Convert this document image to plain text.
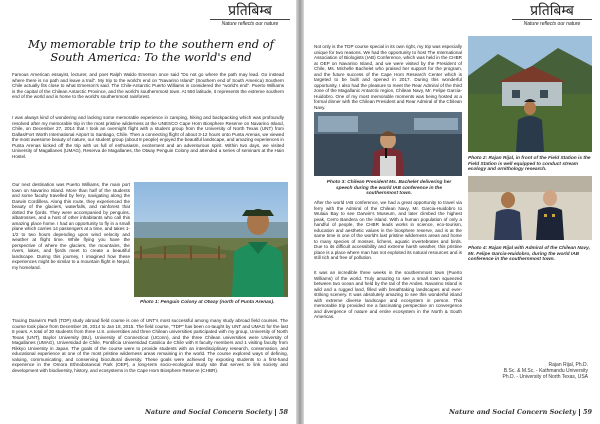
प्रतिबिम्ब
Nature reflects our nature
My memorable trip to the southern end of South America: To the world's end

Famous American essayist, lecturer, and poet Ralph Waldo Emerson once said "Do not go where the path may lead. Go instead where there is no path and leave a trail". My trip to the world's end on "Navarino Island" (Southern end of South America) Southern Chile actually fits close to what Emerson's said. The Chile-Antarctic Puerto Williams is considered the "world's end". Puerto Williams is the capital of the Chilean Antarctic Province, and the world's southernmost town. At 550 latitude, it represents the extreme southern end of the world and is home to the world's southernmost rainforest.

I was always kind of wondering and lacking some memorable experience in camping, hiking and backpacking which was profoundly resolved after my memorable trip in the most pristine wilderness at the UNESCO Cape Horn Biosphere Reserve on Navarino Island, Chile, on December 27, 2014 that I took an overnight flight with a student group from the University of North Texas (UNT) from Dallas/Fort Worth International Airport to Santiago, Chile. Then a connecting flight of about 3-12 hours onto Punta Arenas, we viewed the most awesome beauty of nature, our student group (about 8 people) enjoyed the beautiful landscape, and amazing experiences in Punta Arenas kicked off the trip with us full of enthusiasm, excitement and an adventurous spirit. Within two days, we visited University of Magallanes (UMAG), Reserva de Magallanes, the Otway Penguin Colony and attended a series of seminars at the Hain Hostel.

Our next destination was Puerto Williams, the main port town on Navarino Island. More than half of the students and some faculty travelled by ferry, navigating along the Darwin Cordillera. Along this route, they experienced the beauty of the glaciers, waterfalls, and rainforest that dotted the fjords. They were accompanied by penguins, albatrosses, and a host of other inhabitants who call this amazing place home. I had an opportunity to fly in a small plane which carries 14 passengers at a time, and takes 1-1/2 to two hours depending upon wind velocity and weather at flight time. While flying you have the perspective of where the glaciers, the mountains, the rivers, lakes, and fjords meet to create a beautiful landscape. During this journey, I imagined how these experiences might be similar to a mountain flight in Nepal, my homeland.

Photo 1: Penguin Colony at Otway (north of Punta Arenas).

Tracing Darwin's Path (TDP) study abroad field course is one of UNT's most successful among many study abroad field courses. The course took place from December 26, 2014 to Jan 18, 2015. The field course, "TDP" has been co-taught by UNT and UMAG for the last 8 years. A total of 30 students from three U.S. universities and three Chilean universities participated with my group, University of North Texas (UNT), Baylor University (BU), University of Connecticut (UConn), and the three Chilean universities were University of Magallanes (UMAG), Universidad de Chile, Pontificia Universidad Catolica de Chile with 8 faculty members and 1 visiting faculty from Rikkyo University in Japan. The goals of the course were to provide students with an interdisciplinary research, conservation, and educational experience at one of the most pristine wilderness areas remaining in the world. The course explored ways of defining, valuing, communicating, and conserving biocultural diversity. These goals were achieved by exposing students to a first-hand experience in the Omora Ethnobotanical Park (OEP), a long-term socio-ecological study site that serves to link society and development with biodiversity, history, and ecosystems in the Cape Horn Biosphere Reserve (CHBR).

Nature and Social Concern Society 58
प्रतिबिम्ब
Nature reflects our nature

Not only is the TDP course special in its own right, my trip was especially unique for two reasons. We had the opportunity to host The International Association of Biologists (IAB) Conference, which was held in the CHBR at OEP on Navarino Island, and we were visited by the President of Chile, Ms. Michelle Bachelet who praised her support for the program, and the future success of the Cape Horn Research Center which is targeted to be built and opened in 2017. During this wonderful opportunity, I also had the pleasure to meet the Rear Admiral of the third zone of the Magallanic Antarctic region, Chilean Navy, Mr. Felipe Garcia-Huidobro. One of my most memorable moments was being hosted at a formal dinner with the Chilean President and Rear Admiral of the Chilean Navy.

Photo 2: Rajan Rijal, in front of the Field Station is the Field Station is well equipped to conduct stream ecology and ornithology research.

Photo 3: Chilean President Ms. Bachelet delivering her speech during the world IAB conference in the southernmost town.

After the world IAB conference, we had a great opportunity to travel via ferry with the Admiral of the Chilean Navy, Mr. Garcia-Huidobro to Wulaia Bay to see Darwin's Museum, and later climbed the highest peak, Cerro Bandera on the island. With a human population of only a handful of people, the CHBR leads works in science, eco-tourism, education and aesthetic values in the biosphere reserve, and is at the same time is one of the world's last pristine wilderness areas and home to many species of mosses, lichens, aquatic invertebrates and birds. Due to its difficult accessibility and extreme harsh weather, this pristine place is a place where man has not exploited its natural resources and is still rich and free of pollution.

It was an incredible three weeks in the southernmost town (Puerto Williams) of the world. Truly amazing to see a small town squeezed between two ocean and held by the tail of the Andes. Navarino Island is wild and a rugged land, filled with breathtaking landscapes and ever-striking scenery. It was absolutely amazing to see this wonderful island with extreme diverse landscape and ecosystem in person. This memorable trip provided me a fascinating perspective on convergence and divergence of nature and entire ecosystem in the North & South Americas.

Photo 4: Rajan Rijal with Admiral of the Chilean Navy, Mr. Felipe Garcia-Huidobro, during the world IAB conference in the southernmost town.

Rajan Rijal, Ph.D.
B.Sc. & M.Sc. - Kathmandu University
Ph.D. - University of North Texas, USA
Nature and Social Concern Society 59
